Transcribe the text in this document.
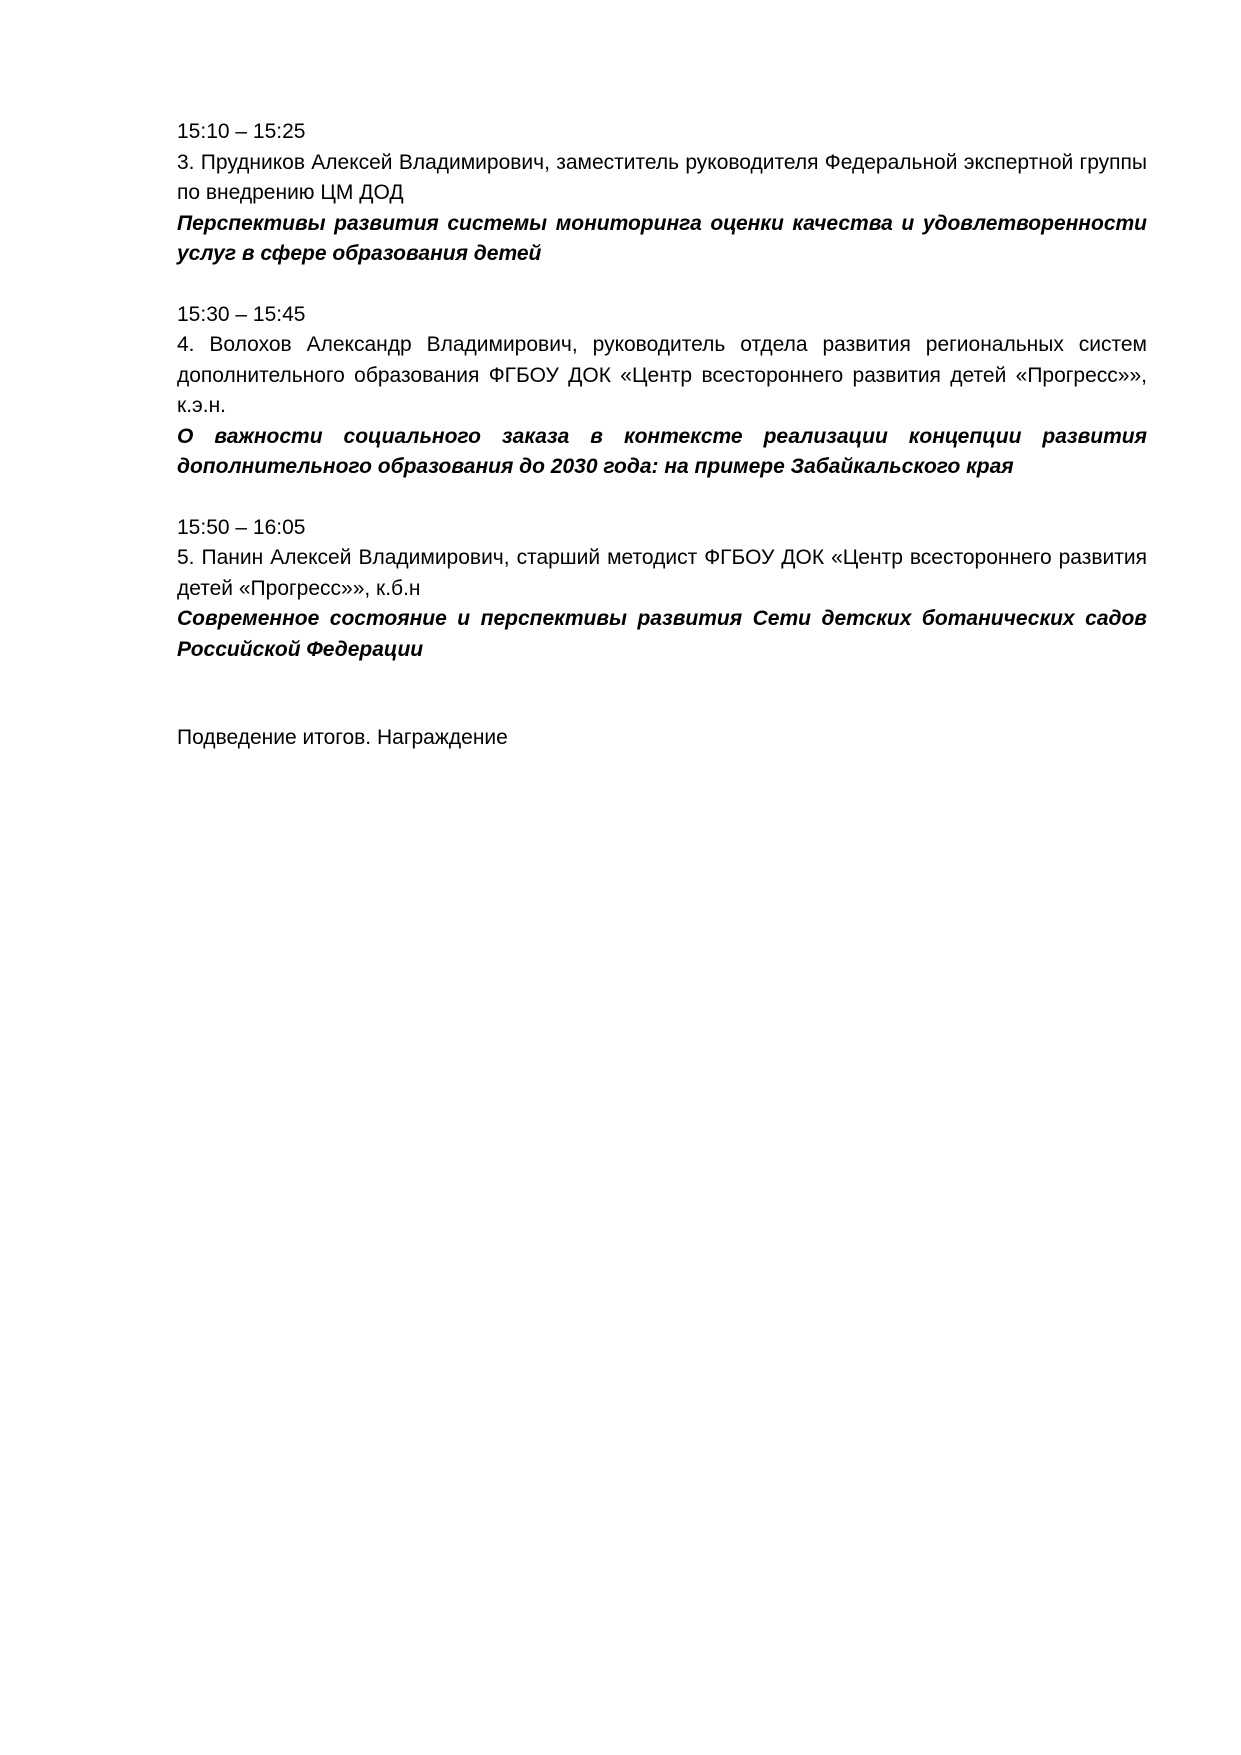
15:10 – 15:25
3. Прудников Алексей Владимирович, заместитель руководителя Федеральной экспертной группы по внедрению ЦМ ДОД
Перспективы развития системы мониторинга оценки качества и удовлетворенности услуг в сфере образования детей
15:30 – 15:45
4. Волохов Александр Владимирович, руководитель отдела развития региональных систем дополнительного образования ФГБОУ ДОК «Центр всестороннего развития детей «Прогресс»», к.э.н.
О важности социального заказа в контексте реализации концепции развития дополнительного образования до 2030 года: на примере Забайкальского края
15:50 – 16:05
5. Панин Алексей Владимирович, старший методист ФГБОУ ДОК «Центр всестороннего развития детей «Прогресс»», к.б.н
Современное состояние и перспективы развития Сети детских ботанических садов Российской Федерации
Подведение итогов. Награждение
